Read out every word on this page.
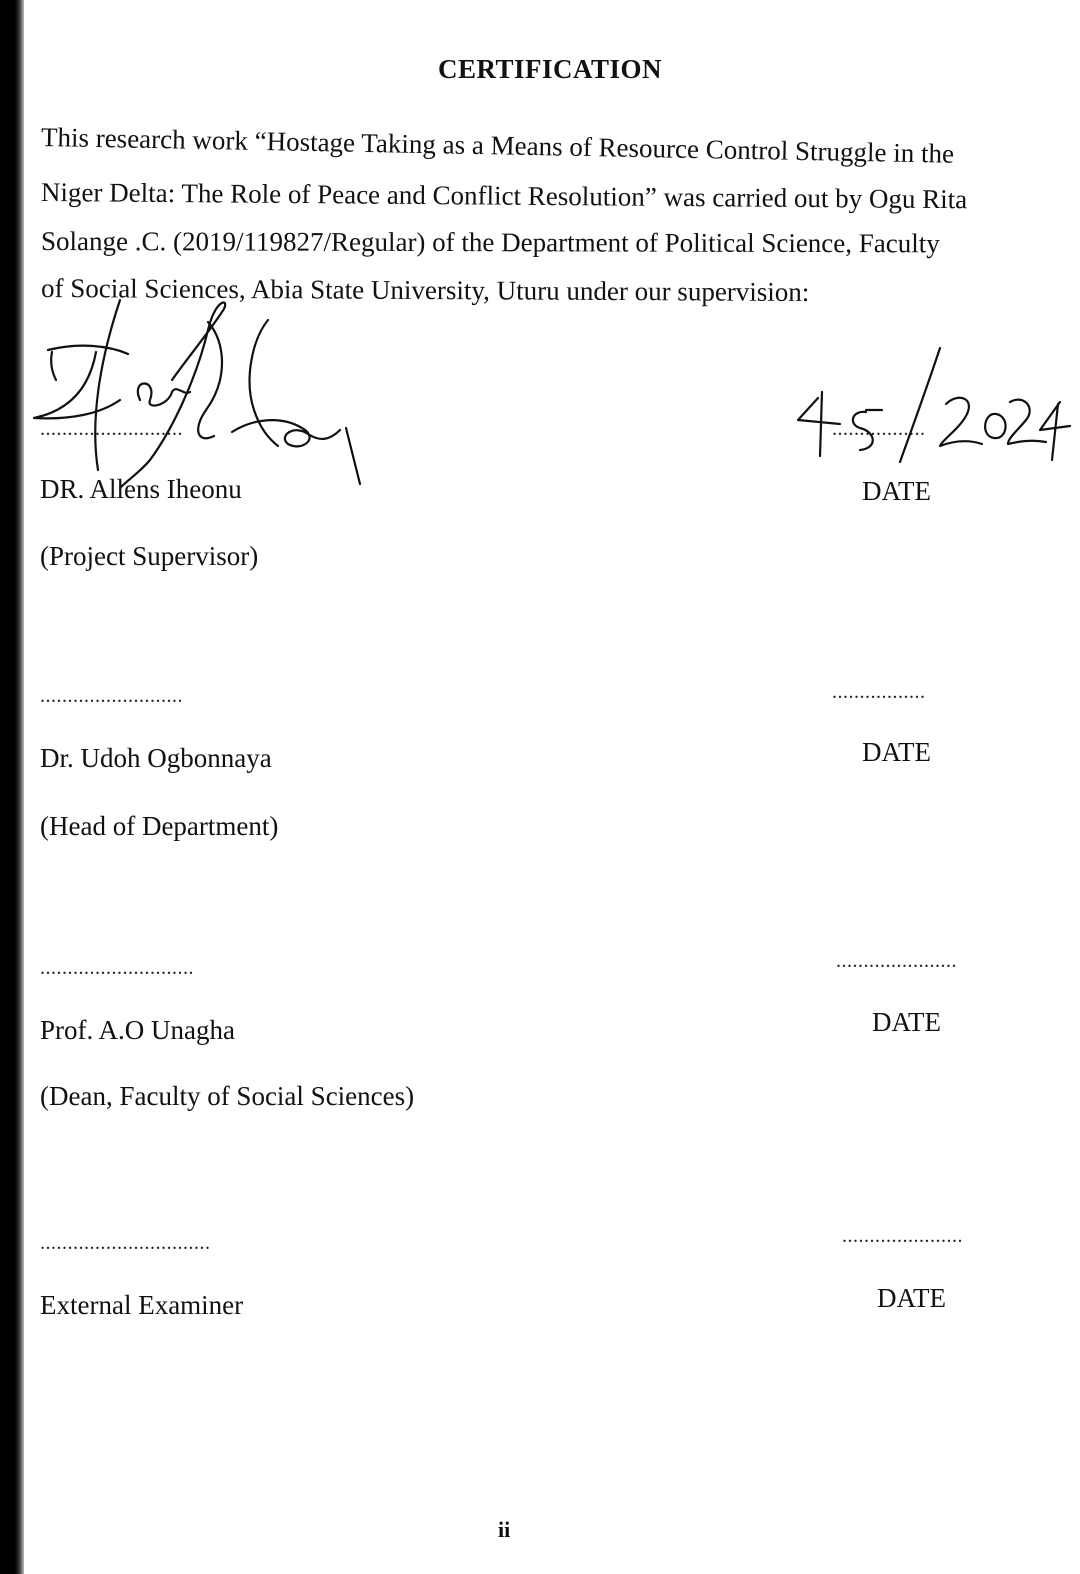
CERTIFICATION
This research work “Hostage Taking as a Means of Resource Control Struggle in the
Niger Delta: The Role of Peace and Conflict Resolution” was carried out by Ogu Rita
Solange .C. (2019/119827/Regular) of the Department of Political Science, Faculty
of Social Sciences, Abia State University, Uturu under our supervision:
..........................	.................
DR. Allens Iheonu	DATE
(Project Supervisor)
..........................	.................
Dr. Udoh Ogbonnaya	DATE
(Head of Department)
............................	......................
Prof. A.O Unagha	DATE
(Dean, Faculty of Social Sciences)
...............................	......................
External Examiner	DATE
ii
